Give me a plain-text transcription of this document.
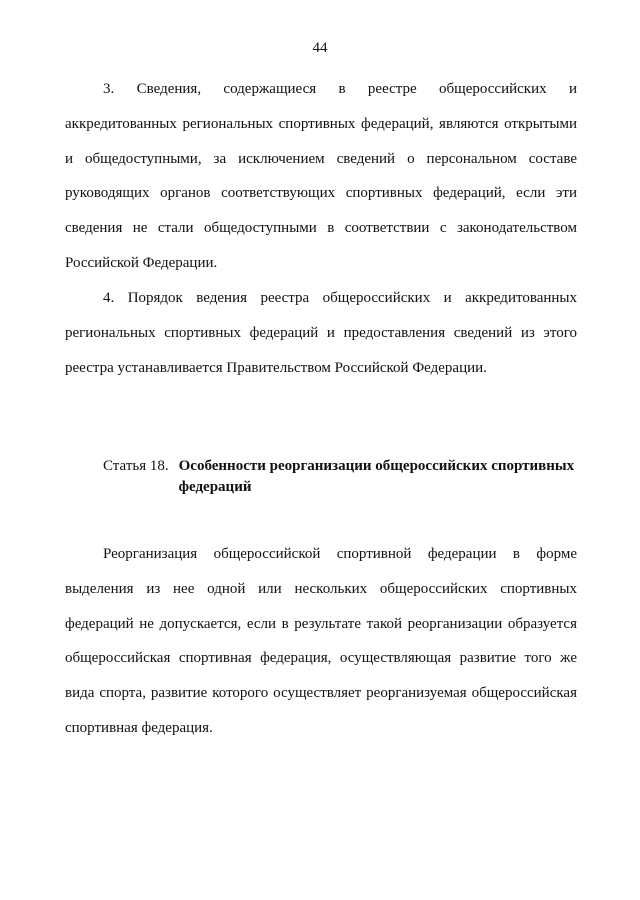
44

3. Сведения, содержащиеся в реестре общероссийских и аккредитованных региональных спортивных федераций, являются открытыми и общедоступными, за исключением сведений о персональном составе руководящих органов соответствующих спортивных федераций, если эти сведения не стали общедоступными в соответствии с законодательством Российской Федерации.

4. Порядок ведения реестра общероссийских и аккредитованных региональных спортивных федераций и предоставления сведений из этого реестра устанавливается Правительством Российской Федерации.

Статья 18. Особенности реорганизации общероссийских спортивных федераций

Реорганизация общероссийской спортивной федерации в форме выделения из нее одной или нескольких общероссийских спортивных федераций не допускается, если в результате такой реорганизации образуется общероссийская спортивная федерация, осуществляющая развитие того же вида спорта, развитие которого осуществляет реорганизуемая общероссийская спортивная федерация.
